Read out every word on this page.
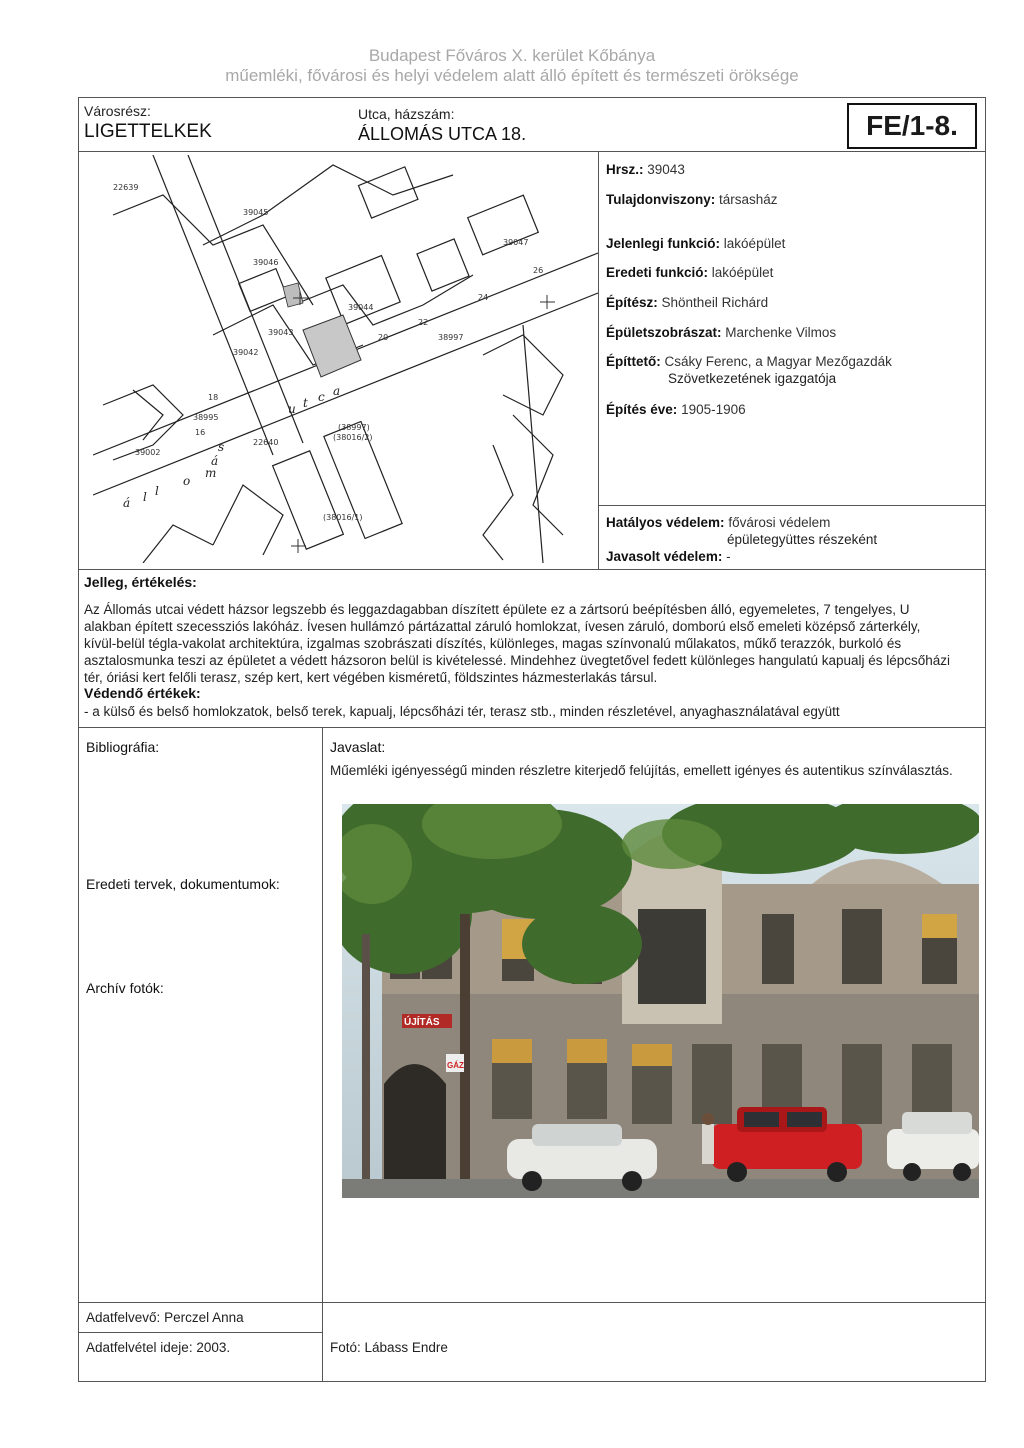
Budapest Főváros X. kerület Kőbánya
műemléki, fővárosi és helyi védelem alatt álló épített és természeti öröksége
Városrész:
LIGETTELKEK
Utca, házszám:
ÁLLOMÁS UTCA 18.	FE/1-8.
22639
39043
39044
39045
39046
39047
38997
38995
39002
22640
39042
(38997)
(38016/1)
(38016/2)
24
18
20
22
16
26
á l l
o
m
á
s
u t c a
Hrsz.: 39043
Tulajdonviszony: társasház
Jelenlegi funkció: lakóépület
Eredeti funkció: lakóépület
Építész: Shöntheil Richárd
Épületszobrászat: Marchenke Vilmos
Építtető: Csáky Ferenc, a Magyar Mezőgazdák
Szövetkezetének igazgatója
Építés éve: 1905-1906
Hatályos védelem: fővárosi védelem
épületegyüttes részeként
Javasolt védelem: -
Jelleg, értékelés:
Az Állomás utcai védett házsor legszebb és leggazdagabban díszített épülete ez a zártsorú beépítésben álló, egyemeletes, 7 tengelyes, U
alakban épített szecessziós lakóház. Ívesen hullámzó pártázattal záruló homlokzat, ívesen záruló, domború első emeleti középső zárterkély,
kívül-belül tégla-vakolat architektúra, izgalmas szobrászati díszítés, különleges, magas színvonalú műlakatos, műkő terazzók, burkoló és
asztalosmunka teszi az épületet a védett házsoron belül is kivételessé. Mindehhez üvegtetővel fedett különleges hangulatú kapualj és lépcsőházi
tér, óriási kert felőli terasz, szép kert, kert végében kisméretű, földszintes házmesterlakás társul.
Védendő értékek:
- a külső és belső homlokzatok, belső terek, kapualj, lépcsőházi tér, terasz stb., minden részletével, anyaghasználatával együtt
Bibliográfia:
Eredeti tervek, dokumentumok:
Archív fotók:
Javaslat:
Műemléki igényességű minden részletre kiterjedő felújítás, emellett igényes és autentikus színválasztás.
ÚJÍTÁS
GÁZ
Adatfelvevő: Perczel Anna
Adatfelvétel ideje: 2003.	Fotó: Lábass Endre
